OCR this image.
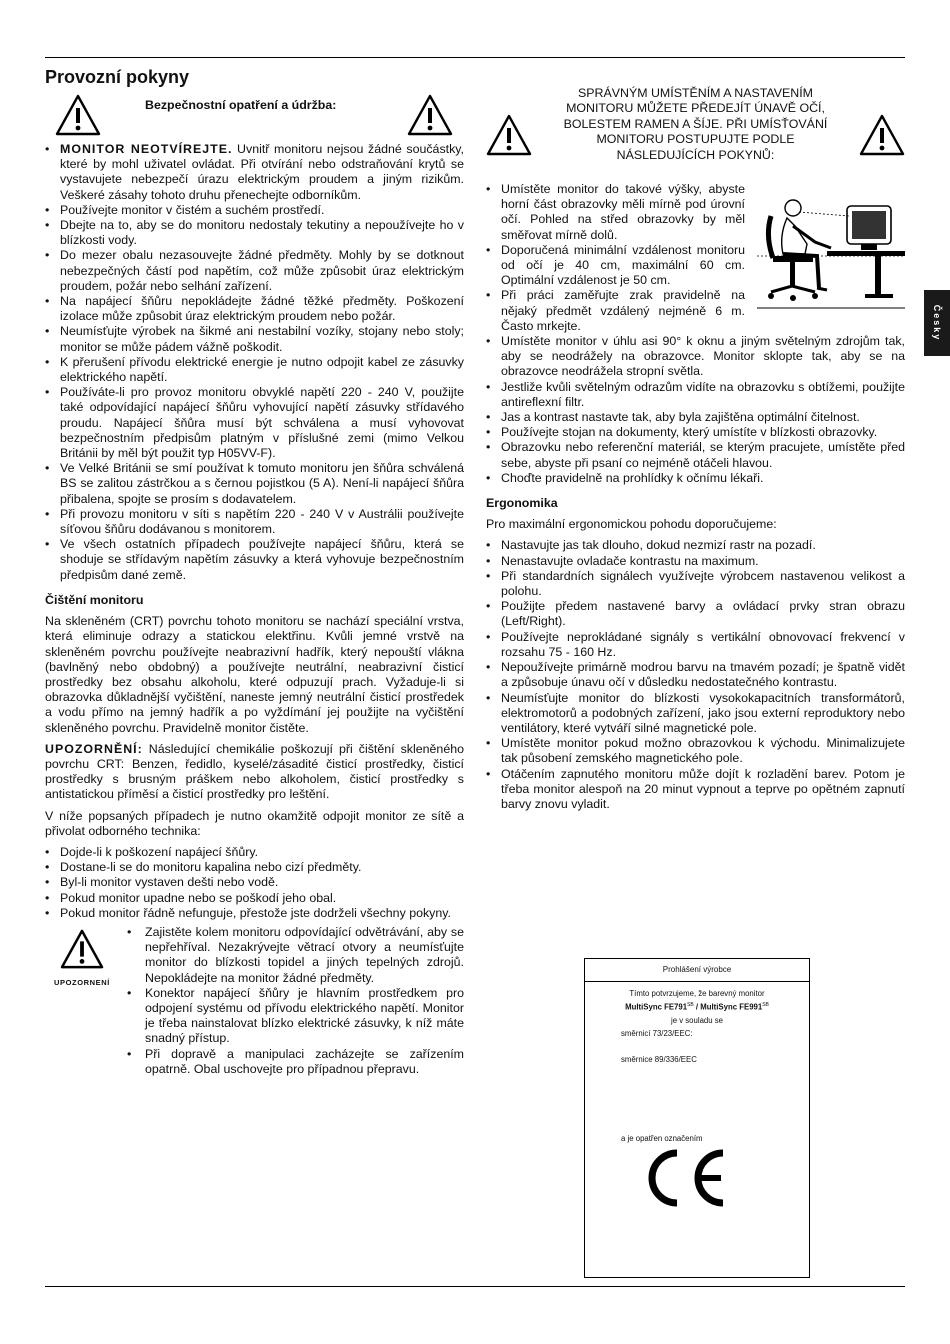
Česky
Provozní pokyny
Bezpečnostní opatření a údržba:
• MONITOR NEOTVÍREJTE. Uvnitř monitoru nejsou žádné součástky, které by mohl uživatel ovládat. Při otvírání nebo odstraňování krytů se vystavujete nebezpečí úrazu elektrickým proudem a jiným rizikům. Veškeré zásahy tohoto druhu přenechejte odborníkům.
• Používejte monitor v čistém a suchém prostředí.
• Dbejte na to, aby se do monitoru nedostaly tekutiny a nepoužívejte ho v blízkosti vody.
• Do mezer obalu nezasouvejte žádné předměty. Mohly by se dotknout nebezpečných částí pod napětím, což může způsobit úraz elektrickým proudem, požár nebo selhání zařízení.
• Na napájecí šňůru nepokládejte žádné těžké předměty. Poškození izolace může způsobit úraz elektrickým proudem nebo požár.
• Neumísťujte výrobek na šikmé ani nestabilní vozíky, stojany nebo stoly; monitor se může pádem vážně poškodit.
• K přerušení přívodu elektrické energie je nutno odpojit kabel ze zásuvky elektrického napětí.
• Používáte-li pro provoz monitoru obvyklé napětí 220 - 240 V, použijte také odpovídající napájecí šňůru vyhovující napětí zásuvky střídavého proudu. Napájecí šňůra musí být schválena a musí vyhovovat bezpečnostním předpisům platným v příslušné zemi (mimo Velkou Británii by měl být použit typ H05VV-F).
• Ve Velké Británii se smí používat k tomuto monitoru jen šňůra schválená BS se zalitou zástrčkou a s černou pojistkou (5 A). Není-li napájecí šňůra přibalena, spojte se prosím s dodavatelem.
• Při provozu monitoru v síti s napětím 220 - 240 V v Austrálii používejte síťovou šňůru dodávanou s monitorem.
• Ve všech ostatních případech používejte napájecí šňůru, která se shoduje se střídavým napětím zásuvky a která vyhovuje bezpečnostním předpisům dané země.
Čištění monitoru

Na skleněném (CRT) povrchu tohoto monitoru se nachází speciální vrstva, která eliminuje odrazy a statickou elektřinu. Kvůli jemné vrstvě na skleněném povrchu používejte neabrazivní hadřík, který nepouští vlákna (bavlněný nebo obdobný) a používejte neutrální, neabrazivní čisticí prostředky bez obsahu alkoholu, které odpuzují prach. Vyžaduje-li si obrazovka důkladnější vyčištění, naneste jemný neutrální čisticí prostředek a vodu přímo na jemný hadřík a po vyždímání jej použijte na vyčištění skleněného povrchu. Pravidelně monitor čistěte.

UPOZORNĚNÍ: Následující chemikálie poškozují při čištění skleněného povrchu CRT: Benzen, ředidlo, kyselé/zásadité čisticí prostředky, čisticí prostředky s brusným práškem nebo alkoholem, čisticí prostředky s antistatickou příměsí a čisticí prostředky pro leštění.

V níže popsaných případech je nutno okamžitě odpojit monitor ze sítě a přivolat odborného technika:

• Dojde-li k poškození napájecí šňůry.
• Dostane-li se do monitoru kapalina nebo cizí předměty.
• Byl-li monitor vystaven dešti nebo vodě.
• Pokud monitor upadne nebo se poškodí jeho obal.
• Pokud monitor řádně nefunguje, přestože jste dodrželi všechny pokyny.
UPOZORNENÍ
• Zajistěte kolem monitoru odpovídající odvětrávání, aby se nepřehříval. Nezakrývejte větrací otvory a neumísťujte monitor do blízkosti topidel a jiných tepelných zdrojů. Nepokládejte na monitor žádné předměty.
• Konektor napájecí šňůry je hlavním prostředkem pro odpojení systému od přívodu elektrického napětí. Monitor je třeba nainstalovat blízko elektrické zásuvky, k níž máte snadný přístup.
• Při dopravě a manipulaci zacházejte se zařízením opatrně. Obal uschovejte pro případnou přepravu.
SPRÁVNÝM UMÍSTĚNÍM A NASTAVENÍM MONITORU MŮŽETE PŘEDEJÍT ÚNAVĚ OČÍ, BOLESTEM RAMEN A ŠÍJE. PŘI UMÍSŤOVÁNÍ MONITORU POSTUPUJTE PODLE NÁSLEDUJÍCÍCH POKYNŮ:
• Umístěte monitor do takové výšky, abyste horní část obrazovky měli mírně pod úrovní očí. Pohled na střed obrazovky by měl směřovat mírně dolů.
• Doporučená minimální vzdálenost monitoru od očí je 40 cm, maximální 60 cm. Optimální vzdálenost je 50 cm.
• Při práci zaměřujte zrak pravidelně na nějaký předmět vzdálený nejméně 6 m. Často mrkejte.
• Umístěte monitor v úhlu asi 90° k oknu a jiným světelným zdrojům tak, aby se neodrážely na obrazovce. Monitor sklopte tak, aby se na obrazovce neodrážela stropní světla.
• Jestliže kvůli světelným odrazům vidíte na obrazovku s obtížemi, použijte antireflexní filtr.
• Jas a kontrast nastavte tak, aby byla zajištěna optimální čitelnost.
• Používejte stojan na dokumenty, který umístíte v blízkosti obrazovky.
• Obrazovku nebo referenční materiál, se kterým pracujete, umístěte před sebe, abyste při psaní co nejméně otáčeli hlavou.
• Choďte pravidelně na prohlídky k očnímu lékaři.
Ergonomika

Pro maximální ergonomickou pohodu doporučujeme:

• Nastavujte jas tak dlouho, dokud nezmizí rastr na pozadí.
• Nenastavujte ovladače kontrastu na maximum.
• Při standardních signálech využívejte výrobcem nastavenou velikost a polohu.
• Použijte předem nastavené barvy a ovládací prvky stran obrazu (Left/Right).
• Používejte neprokládané signály s vertikální obnovovací frekvencí v rozsahu 75 - 160 Hz.
• Nepoužívejte primárně modrou barvu na tmavém pozadí; je špatně vidět a způsobuje únavu očí v důsledku nedostatečného kontrastu.
• Neumísťujte monitor do blízkosti vysokokapacitních transformátorů, elektromotorů a podobných zařízení, jako jsou externí reproduktory nebo ventilátory, které vytváří silné magnetické pole.
• Umístěte monitor pokud možno obrazovkou k východu. Minimalizujete tak působení zemského magnetického pole.
• Otáčením zapnutého monitoru může dojít k rozladění barev. Potom je třeba monitor alespoň na 20 minut vypnout a teprve po opětném zapnutí barvy znovu vyladit.
Prohlášení výrobce
Tímto potvrzujeme, že barevný monitor
MultiSync $FE791^{SB}$ / MultiSync $FE991^{SB}$
je v souladu se
směrnicí 73/23/EEC:
směrnice 89/336/EEC
a je opatřen označením
